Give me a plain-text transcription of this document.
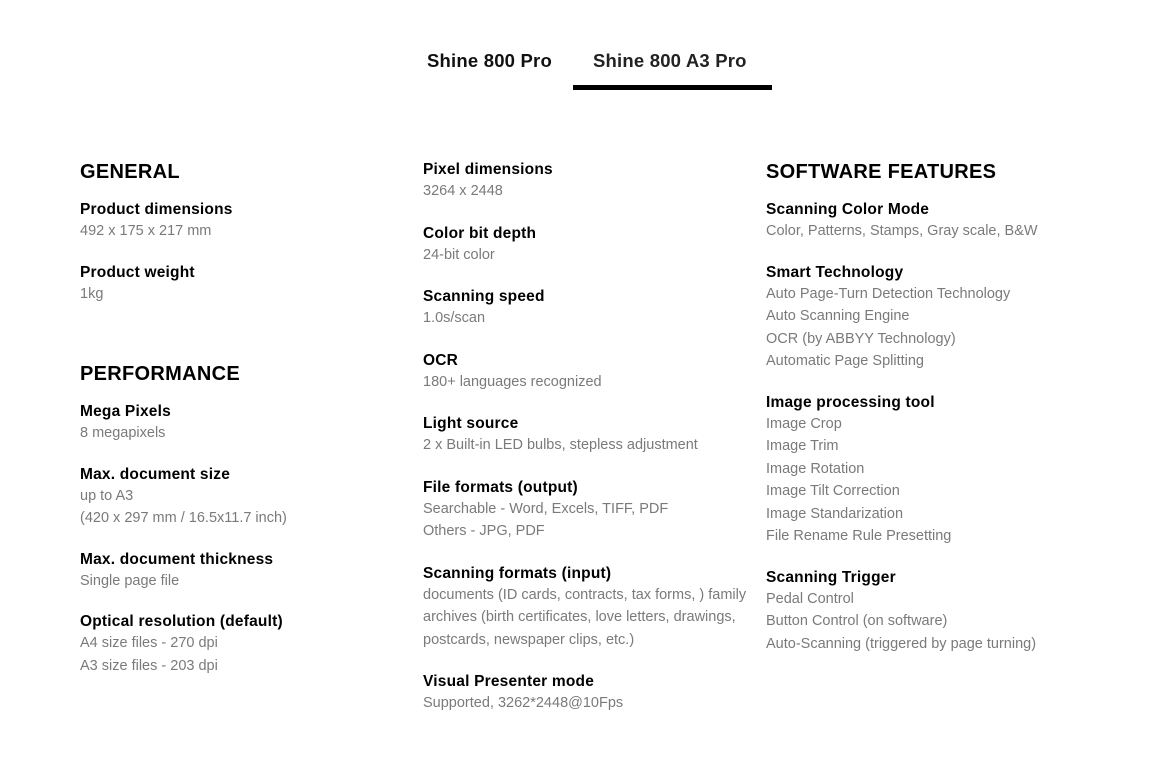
Shine 800 Pro Shine 800 A3 Pro
GENERAL
Product dimensions
492 x 175 x 217 mm
Product weight
1kg
PERFORMANCE
Mega Pixels
8 megapixels
Max. document size
up to A3
(420 x 297 mm / 16.5x11.7 inch)
Max. document thickness
Single page file
Optical resolution (default)
A4 size files - 270 dpi
A3 size files - 203 dpi
Pixel dimensions
3264 x 2448
Color bit depth
24-bit color
Scanning speed
1.0s/scan
OCR
180+ languages recognized
Light source
2 x Built-in LED bulbs, stepless adjustment
File formats (output)
Searchable - Word, Excels, TIFF, PDF
Others - JPG, PDF
Scanning formats (input)
documents (ID cards, contracts, tax forms, ) family
archives (birth certificates, love letters, drawings,
postcards, newspaper clips, etc.)
Visual Presenter mode
Supported, 3262*2448@10Fps
SOFTWARE FEATURES
Scanning Color Mode
Color, Patterns, Stamps, Gray scale, B&W
Smart Technology
Auto Page-Turn Detection Technology
Auto Scanning Engine
OCR (by ABBYY Technology)
Automatic Page Splitting
Image processing tool
Image Crop
Image Trim
Image Rotation
Image Tilt Correction
Image Standarization
File Rename Rule Presetting
Scanning Trigger
Pedal Control
Button Control (on software)
Auto-Scanning (triggered by page turning)
